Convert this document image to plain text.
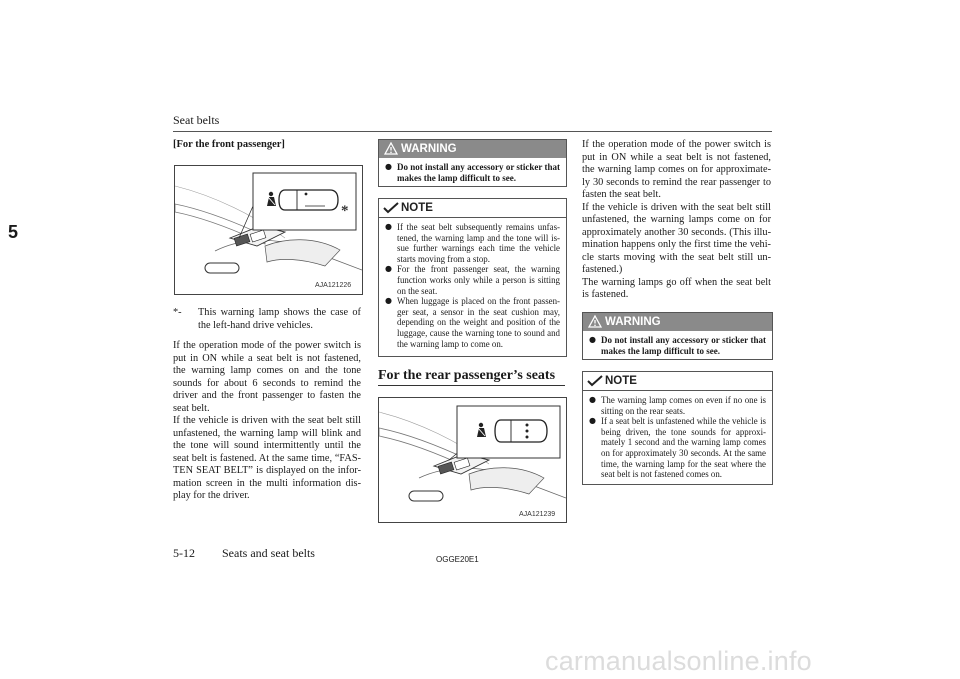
Seat belts
5

[For the front passenger]

*
AJA121226
*-	This warning lamp shows the case of the left-hand drive vehicles.

If the operation mode of the power switch is put in ON while a seat belt is not fastened, the warning lamp comes on and the tone sounds for about 6 seconds to remind the driver and the front passenger to fasten the seat belt.

If the vehicle is driven with the seat belt still unfastened, the warning lamp will blink and the tone will sound intermittently until the seat belt is fastened. At the same time, “FAS-TEN SEAT BELT” is displayed on the infor-mation screen in the multi information dis-play for the driver.

WARNING
● Do not install any accessory or sticker that makes the lamp difficult to see.
NOTE
● If the seat belt subsequently remains unfas-tened, the warning lamp and the tone will is-sue further warnings each time the vehicle starts moving from a stop.
● For the front passenger seat, the warning function works only while a person is sitting on the seat.
● When luggage is placed on the front passen-ger seat, a sensor in the seat cushion may, depending on the weight and position of the luggage, cause the warning tone to sound and the warning lamp to come on.
For the rear passenger’s seats
AJA121239

If the operation mode of the power switch is put in ON while a seat belt is not fastened, the warning lamp comes on for approximate-ly 30 seconds to remind the rear passenger to fasten the seat belt.

If the vehicle is driven with the seat belt still unfastened, the warning lamps come on for approximately another 30 seconds. (This illu-mination happens only the first time the vehi-cle starts moving with the seat belt still un-fastened.)

The warning lamps go off when the seat belt is fastened.

WARNING
● Do not install any accessory or sticker that makes the lamp difficult to see.
NOTE
● The warning lamp comes on even if no one is sitting on the rear seats.
● If a seat belt is unfastened while the vehicle is being driven, the tone sounds for approxi-mately 1 second and the warning lamp comes on for approximately 30 seconds. At the same time, the warning lamp for the seat where the seat belt is not fastened comes on.
5-12 Seats and seat belts	OGGE20E1
carmanualsonline.info
